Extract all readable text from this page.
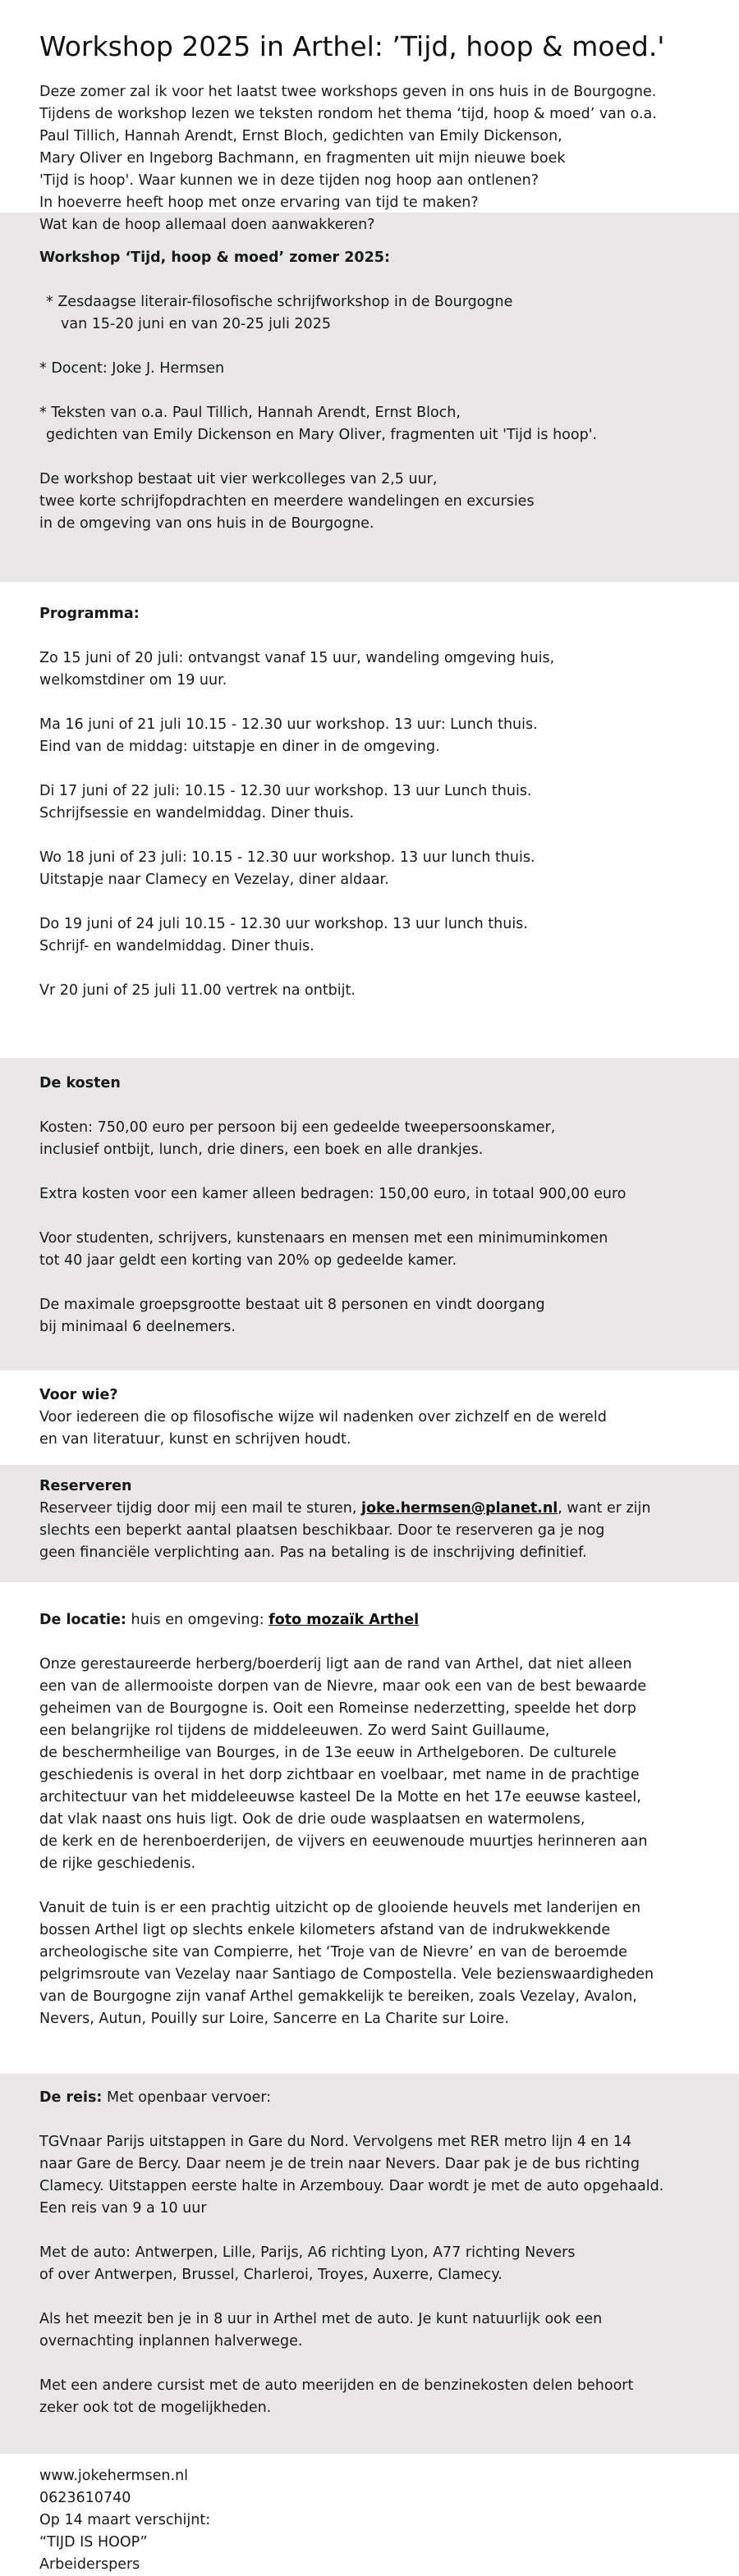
Workshop 2025 in Arthel: ’Tijd, hoop & moed.'
Deze zomer zal ik voor het laatst twee workshops geven in ons huis in de Bourgogne.
Tijdens de workshop lezen we teksten rondom het thema ‘tijd, hoop & moed’ van o.a.
Paul Tillich, Hannah Arendt, Ernst Bloch, gedichten van Emily Dickenson,
Mary Oliver en Ingeborg Bachmann, en fragmenten uit mijn nieuwe boek
'Tijd is hoop'. Waar kunnen we in deze tijden nog hoop aan ontlenen?
In hoeverre heeft hoop met onze ervaring van tijd te maken?
Wat kan de hoop allemaal doen aanwakkeren?
Workshop ‘Tijd, hoop & moed’ zomer 2025:
* Zesdaagse literair-filosofische schrijfworkshop in de Bourgogne
van 15-20 juni en van 20-25 juli 2025
* Docent: Joke J. Hermsen
* Teksten van o.a. Paul Tillich, Hannah Arendt, Ernst Bloch,
gedichten van Emily Dickenson en Mary Oliver, fragmenten uit 'Tijd is hoop'.
De workshop bestaat uit vier werkcolleges van 2,5 uur,
twee korte schrijfopdrachten en meerdere wandelingen en excursies
in de omgeving van ons huis in de Bourgogne.
Programma:
Zo 15 juni of 20 juli: ontvangst vanaf 15 uur, wandeling omgeving huis,
welkomstdiner om 19 uur.
Ma 16 juni of 21 juli 10.15 - 12.30 uur workshop. 13 uur: Lunch thuis.
Eind van de middag: uitstapje en diner in de omgeving.
Di 17 juni of 22 juli: 10.15 - 12.30 uur workshop. 13 uur Lunch thuis.
Schrijfsessie en wandelmiddag. Diner thuis.
Wo 18 juni of 23 juli: 10.15 - 12.30 uur workshop. 13 uur lunch thuis.
Uitstapje naar Clamecy en Vezelay, diner aldaar.
Do 19 juni of 24 juli 10.15 - 12.30 uur workshop. 13 uur lunch thuis.
Schrijf- en wandelmiddag. Diner thuis.
Vr 20 juni of 25 juli 11.00 vertrek na ontbijt.
De kosten
Kosten: 750,00 euro per persoon bij een gedeelde tweepersoonskamer,
inclusief ontbijt, lunch, drie diners, een boek en alle drankjes.
Extra kosten voor een kamer alleen bedragen: 150,00 euro, in totaal 900,00 euro
Voor studenten, schrijvers, kunstenaars en mensen met een minimuminkomen
tot 40 jaar geldt een korting van 20% op gedeelde kamer.
De maximale groepsgrootte bestaat uit 8 personen en vindt doorgang
bij minimaal 6 deelnemers.
Voor wie?
Voor iedereen die op filosofische wijze wil nadenken over zichzelf en de wereld
en van literatuur, kunst en schrijven houdt.
Reserveren
Reserveer tijdig door mij een mail te sturen, joke.hermsen@planet.nl, want er zijn
slechts een beperkt aantal plaatsen beschikbaar. Door te reserveren ga je nog
geen financiële verplichting aan. Pas na betaling is de inschrijving definitief.
De locatie: huis en omgeving: foto mozaïk Arthel
Onze gerestaureerde herberg/boerderij ligt aan de rand van Arthel, dat niet alleen
een van de allermooiste dorpen van de Nievre, maar ook een van de best bewaarde
geheimen van de Bourgogne is. Ooit een Romeinse nederzetting, speelde het dorp
een belangrijke rol tijdens de middeleeuwen. Zo werd Saint Guillaume,
de beschermheilige van Bourges, in de 13e eeuw in Arthelgeboren. De culturele
geschiedenis is overal in het dorp zichtbaar en voelbaar, met name in de prachtige
architectuur van het middeleeuwse kasteel De la Motte en het 17e eeuwse kasteel,
dat vlak naast ons huis ligt. Ook de drie oude wasplaatsen en watermolens,
de kerk en de herenboerderijen, de vijvers en eeuwenoude muurtjes herinneren aan
de rijke geschiedenis.
Vanuit de tuin is er een prachtig uitzicht op de glooiende heuvels met landerijen en
bossen Arthel ligt op slechts enkele kilometers afstand van de indrukwekkende
archeologische site van Compierre, het ‘Troje van de Nievre’ en van de beroemde
pelgrimsroute van Vezelay naar Santiago de Compostella. Vele bezienswaardigheden
van de Bourgogne zijn vanaf Arthel gemakkelijk te bereiken, zoals Vezelay, Avalon,
Nevers, Autun, Pouilly sur Loire, Sancerre en La Charite sur Loire.
De reis: Met openbaar vervoer:
TGVnaar Parijs uitstappen in Gare du Nord. Vervolgens met RER metro lijn 4 en 14
naar Gare de Bercy. Daar neem je de trein naar Nevers. Daar pak je de bus richting
Clamecy. Uitstappen eerste halte in Arzembouy. Daar wordt je met de auto opgehaald.
Een reis van 9 a 10 uur
Met de auto: Antwerpen, Lille, Parijs, A6 richting Lyon, A77 richting Nevers
of over Antwerpen, Brussel, Charleroi, Troyes, Auxerre, Clamecy.
Als het meezit ben je in 8 uur in Arthel met de auto. Je kunt natuurlijk ook een
overnachting inplannen halverwege.
Met een andere cursist met de auto meerijden en de benzinekosten delen behoort
zeker ook tot de mogelijkheden.
www.jokehermsen.nl
0623610740
Op 14 maart verschijnt:
“TIJD IS HOOP”
Arbeiderspers
